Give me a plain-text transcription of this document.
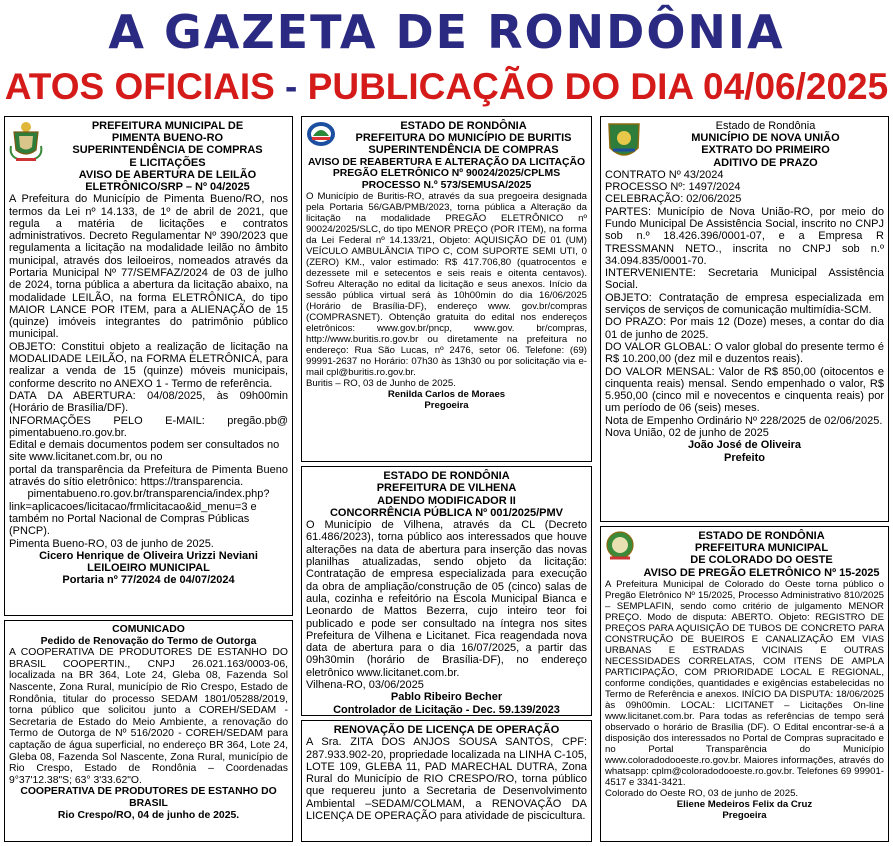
A GAZETA DE RONDÔNIA
ATOS OFICIAIS - PUBLICAÇÃO DO DIA 04/06/2025
PREFEITURA MUNICIPAL DE
PIMENTA BUENO-RO
SUPERINTENDÊNCIA DE COMPRAS
E LICITAÇÕES
AVISO DE ABERTURA DE LEILÃO
ELETRÔNICO/SRP – Nº 04/2025

A Prefeitura do Município de Pimenta Bueno/RO, nos termos da Lei nº 14.133, de 1º de abril de 2021, que regula a matéria de licitações e contratos administrativos. Decreto Regulamentar Nº 390/2023 que regulamenta a licitação na modalidade leilão no âmbito municipal, através dos leiloeiros, nomeados através da Portaria Municipal Nº 77/SEMFAZ/2024 de 03 de julho de 2024, torna pública a abertura da licitação abaixo, na modalidade LEILÃO, na forma ELETRÔNICA, do tipo MAIOR LANCE POR ITEM, para a ALIENAÇÃO de 15 (quinze) imóveis integrantes do patrimônio público municipal.

OBJETO: Constitui objeto a realização de licitação na MODALIDADE LEILÃO, na FORMA ELETRÔNICA, para realizar a venda de 15 (quinze) móveis municipais, conforme descrito no ANEXO 1 - Termo de referência.

DATA DA ABERTURA: 04/08/2025, às 09h00min (Horário de Brasília/DF).

INFORMAÇÕES PELO E-MAIL: pregão.pb@ pimentabueno.ro.gov.br.

Edital e demais documentos podem ser consultados no site www.licitanet.com.br, ou no

portal da transparência da Prefeitura de Pimenta Bueno através do sítio eletrônico: https://transparencia.

pimentabueno.ro.gov.br/transparencia/index.php?

link=aplicacoes/licitacao/frmlicitacao&id_menu=3 e também no Portal Nacional de Compras Públicas (PNCP).

Pimenta Bueno-RO, 03 de junho de 2025.

Cicero Henrique de Oliveira Urizzi Neviani

LEILOEIRO MUNICIPAL

Portaria nº 77/2024 de 04/07/2024

COMUNICADO

Pedido de Renovação do Termo de Outorga

A COOPERATIVA DE PRODUTORES DE ESTANHO DO BRASIL COOPERTIN., CNPJ 26.021.163/0003-06, localizada na BR 364, Lote 24, Gleba 08, Fazenda Sol Nascente, Zona Rural, município de Rio Crespo, Estado de Rondônia, titular do processo SEDAM 1801/05288/2019, torna público que solicitou junto a COREH/SEDAM - Secretaria de Estado do Meio Ambiente, a renovação do Termo de Outorga de Nº 516/2020 - COREH/SEDAM para captação de água superficial, no endereço BR 364, Lote 24, Gleba 08, Fazenda Sol Nascente, Zona Rural, município de Rio Crespo, Estado de Rondônia – Coordenadas 9°37'12.38"S; 63° 3'33.62"O.

COOPERATIVA DE PRODUTORES DE ESTANHO DO BRASIL

Rio Crespo/RO, 04 de junho de 2025.

ESTADO DE RONDÔNIA
PREFEITURA DO MUNICÍPIO DE BURITIS
SUPERINTENDÊNCIA DE COMPRAS

AVISO DE REABERTURA E ALTERAÇÃO DA LICITAÇÃO

PREGÃO ELETRÔNICO Nº 90024/2025/CPLMS

PROCESSO N.º 573/SEMUSA/2025

O Município de Buritis-RO, através da sua pregoeira designada pela Portaria 56/GAB/PMB/2023, torna pública a Alteração da licitação na modalidade PREGÃO ELETRÔNICO nº 90024/2025/SLC, do tipo MENOR PREÇO (POR ITEM), na forma da Lei Federal nº 14.133/21, Objeto: AQUISIÇÃO DE 01 (UM) VEÍCULO AMBULÂNCIA TIPO C, COM SUPORTE SEMI UTI, 0 (ZERO) KM., valor estimado: R$ 417.706,80 (quatrocentos e dezessete mil e setecentos e seis reais e oitenta centavos). Sofreu Alteração no edital da licitação e seus anexos. Início da sessão pública virtual será às 10h00min do dia 16/06/2025 (Horário de Brasília-DF), endereço www. gov.br/compras (COMPRASNET). Obtenção gratuita do edital nos endereços eletrônicos: www.gov.br/pncp, www.gov. br/compras, http://www.buritis.ro.gov.br ou diretamente na prefeitura no endereço: Rua São Lucas, nº 2476, setor 06. Telefone: (69) 99991-2637 no Horário: 07h30 às 13h30 ou por solicitação via e-mail cpl@buritis.ro.gov.br.

Buritis – RO, 03 de Junho de 2025.

Renilda Carlos de Moraes

Pregoeira

ESTADO DE RONDÔNIA

PREFEITURA DE VILHENA

ADENDO MODIFICADOR II

CONCORRÊNCIA PÚBLICA Nº 001/2025/PMV

O Município de Vilhena, através da CL (Decreto 61.486/2023), torna público aos interessados que houve alterações na data de abertura para inserção das novas planilhas atualizadas, sendo objeto da licitação: Contratação de empresa especializada para execução da obra de ampliação/construção de 05 (cinco) salas de aula, cozinha e refeitório na Escola Municipal Bianca e Leonardo de Mattos Bezerra, cujo inteiro teor foi publicado e pode ser consultado na íntegra nos sites Prefeitura de Vilhena e Licitanet. Fica reagendada nova data de abertura para o dia 16/07/2025, a partir das 09h30min (horário de Brasília-DF), no endereço eletrônico www.licitanet.com.br.

Vilhena-RO, 03/06/2025

Pablo Ribeiro Becher

Controlador de Licitação - Dec. 59.139/2023

RENOVAÇÃO DE LICENÇA DE OPERAÇÃO

A Sra. ZITA DOS ANJOS SOUSA SANTOS, CPF: 287.933.902-20, propriedade localizada na LINHA C-105, LOTE 109, GLEBA 11, PAD MARECHAL DUTRA, Zona Rural do Município de RIO CRESPO/RO, torna público que requereu junto a Secretaria de Desenvolvimento Ambiental –SEDAM/COLMAM, a RENOVAÇÃO DA LICENÇA DE OPERAÇÃO para atividade de piscicultura.

Estado de Rondônia
MUNICÍPIO DE NOVA UNIÃO
EXTRATO DO PRIMEIRO
ADITIVO DE PRAZO

CONTRATO Nº 43/2024

PROCESSO Nº: 1497/2024

CELEBRAÇÃO: 02/06/2025

PARTES: Município de Nova União-RO, por meio do Fundo Municipal De Assistência Social, inscrito no CNPJ sob n.º 18.426.396/0001-07, e a Empresa R TRESSMANN NETO., inscrita no CNPJ sob n.º 34.094.835/0001-70.

INTERVENIENTE: Secretaria Municipal Assistência Social.

OBJETO: Contratação de empresa especializada em serviços de serviços de comunicação multimídia-SCM.

DO PRAZO: Por mais 12 (Doze) meses, a contar do dia 01 de junho de 2025.

DO VALOR GLOBAL: O valor global do presente termo é R$ 10.200,00 (dez mil e duzentos reais).

DO VALOR MENSAL: Valor de R$ 850,00 (oitocentos e cinquenta reais) mensal. Sendo empenhado o valor, R$ 5.950,00 (cinco mil e novecentos e cinquenta reais) por um período de 06 (seis) meses.

Nota de Empenho Ordinário Nº 228/2025 de 02/06/2025.

Nova União, 02 de junho de 2025

João José de Oliveira

Prefeito

ESTADO DE RONDÔNIA
PREFEITURA MUNICIPAL
DE COLORADO DO OESTE
AVISO DE PREGÃO ELETRÔNICO Nº 15-2025

A Prefeitura Municipal de Colorado do Oeste torna público o Pregão Eletrônico Nº 15/2025, Processo Administrativo 810/2025 – SEMPLAFIN, sendo como critério de julgamento MENOR PREÇO. Modo de disputa: ABERTO. Objeto: REGISTRO DE PREÇOS PARA AQUISIÇÃO DE TUBOS DE CONCRETO PARA CONSTRUÇÃO DE BUEIROS E CANALIZAÇÃO EM VIAS URBANAS E ESTRADAS VICINAIS E OUTRAS NECESSIDADES CORRELATAS, COM ITENS DE AMPLA PARTICIPAÇÃO, COM PRIORIDADE LOCAL E REGIONAL, conforme condições, quantidades e exigências estabelecidas no Termo de Referência e anexos. INÍCIO DA DISPUTA: 18/06/2025 às 09h00min. LOCAL: LICITANET – Licitações On-line www.licitanet.com.br. Para todas as referências de tempo será observado o horário de Brasília (DF). O Edital encontrar-se-á a disposição dos interessados no Portal de Compras supracitado e no Portal Transparência do Município www.coloradodooeste.ro.gov.br. Maiores informações, através do whatsapp: cplm@coloradodooeste.ro.gov.br. Telefones 69 99901-4517 e 3341-3421.

Colorado do Oeste RO, 03 de junho de 2025.

Eliene Medeiros Felix da Cruz

Pregoeira
